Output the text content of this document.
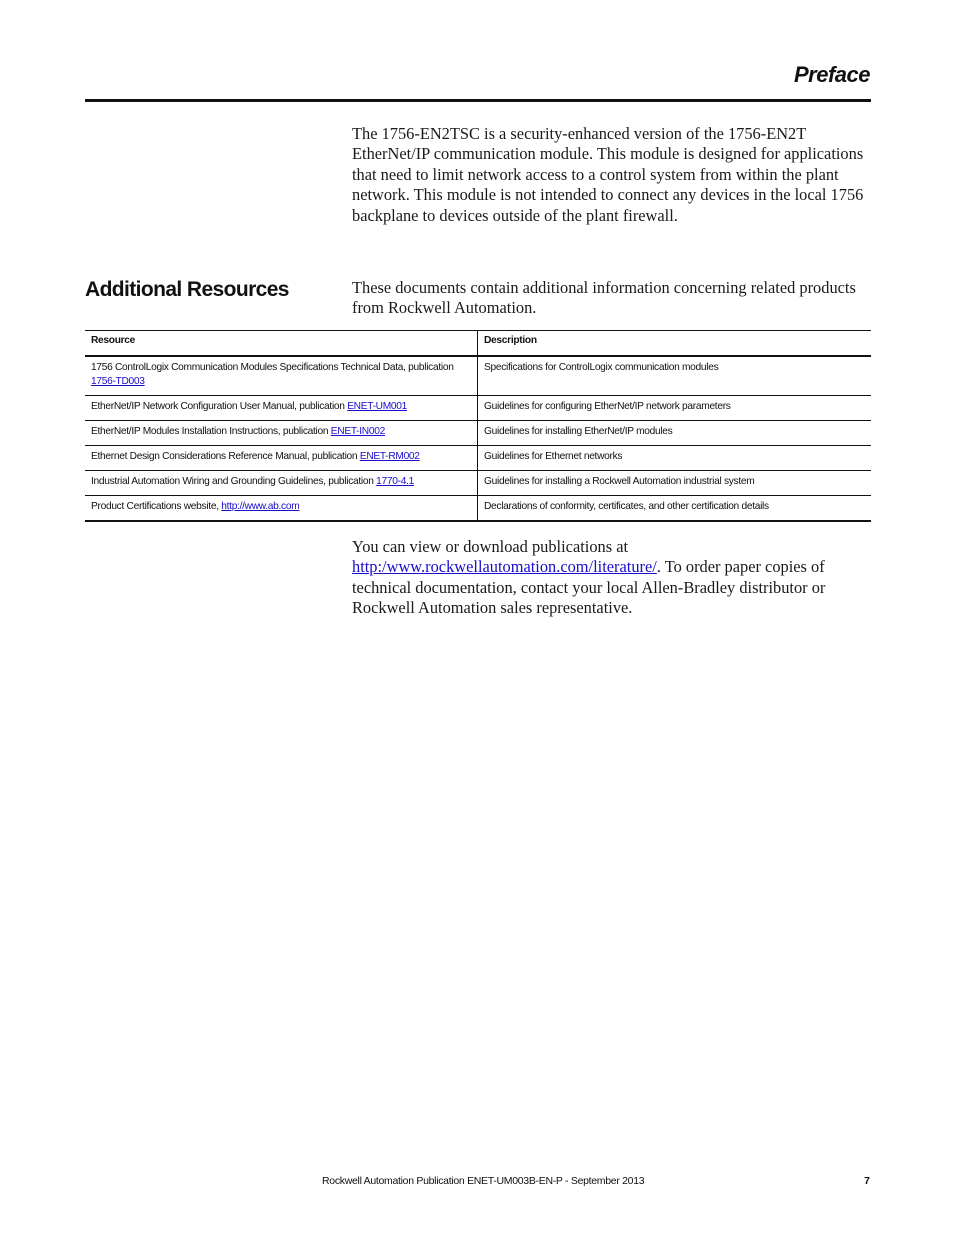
Preface

The 1756-EN2TSC is a security-enhanced version of the 1756-EN2T EtherNet/IP communication module. This module is designed for applications that need to limit network access to a control system from within the plant network. This module is not intended to connect any devices in the local 1756 backplane to devices outside of the plant firewall.

Additional Resources	These documents contain additional information concerning related products from Rockwell Automation.

Resource	Description
1756 ControlLogix Communication Modules Specifications Technical Data, publication
1756-TD003	Specifications for ControlLogix communication modules
EtherNet/IP Network Configuration User Manual, publication ENET-UM001	Guidelines for configuring EtherNet/IP network parameters
EtherNet/IP Modules Installation Instructions, publication ENET-IN002	Guidelines for installing EtherNet/IP modules
Ethernet Design Considerations Reference Manual, publication ENET-RM002	Guidelines for Ethernet networks
Industrial Automation Wiring and Grounding Guidelines, publication 1770-4.1	Guidelines for installing a Rockwell Automation industrial system
Product Certifications website, http://www.ab.com	Declarations of conformity, certificates, and other certification details

You can view or download publications at
http:/www.rockwellautomation.com/literature/. To order paper copies of technical documentation, contact your local Allen-Bradley distributor or Rockwell Automation sales representative.

Rockwell Automation Publication ENET-UM003B-EN-P - September 2013	7
